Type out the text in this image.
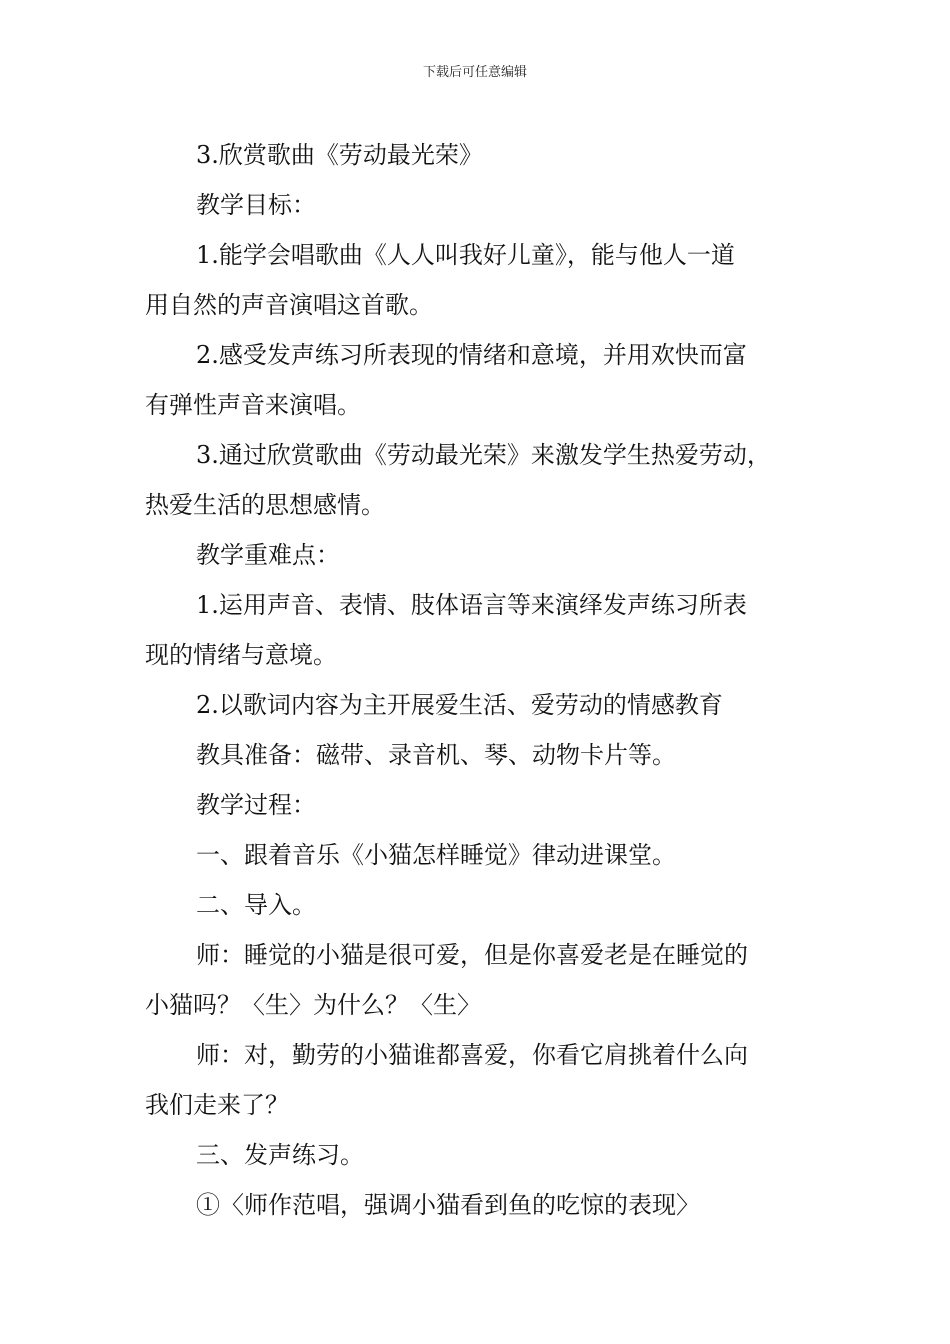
下载后可任意编辑
3.欣赏歌曲《劳动最光荣》
教学目标：
1.能学会唱歌曲《人人叫我好儿童》，能与他人一道
用自然的声音演唱这首歌。
2.感受发声练习所表现的情绪和意境，并用欢快而富
有弹性声音来演唱。
3.通过欣赏歌曲《劳动最光荣》来激发学生热爱劳动，
热爱生活的思想感情。
教学重难点：
1.运用声音、表情、肢体语言等来演绎发声练习所表
现的情绪与意境。
2.以歌词内容为主开展爱生活、爱劳动的情感教育
教具准备：磁带、录音机、琴、动物卡片等。
教学过程：
一、跟着音乐《小猫怎样睡觉》律动进课堂。
二、导入。
师：睡觉的小猫是很可爱，但是你喜爱老是在睡觉的
小猫吗？〈生〉为什么？〈生〉
师：对，勤劳的小猫谁都喜爱，你看它肩挑着什么向
我们走来了？
三、发声练习。
①〈师作范唱，强调小猫看到鱼的吃惊的表现〉
